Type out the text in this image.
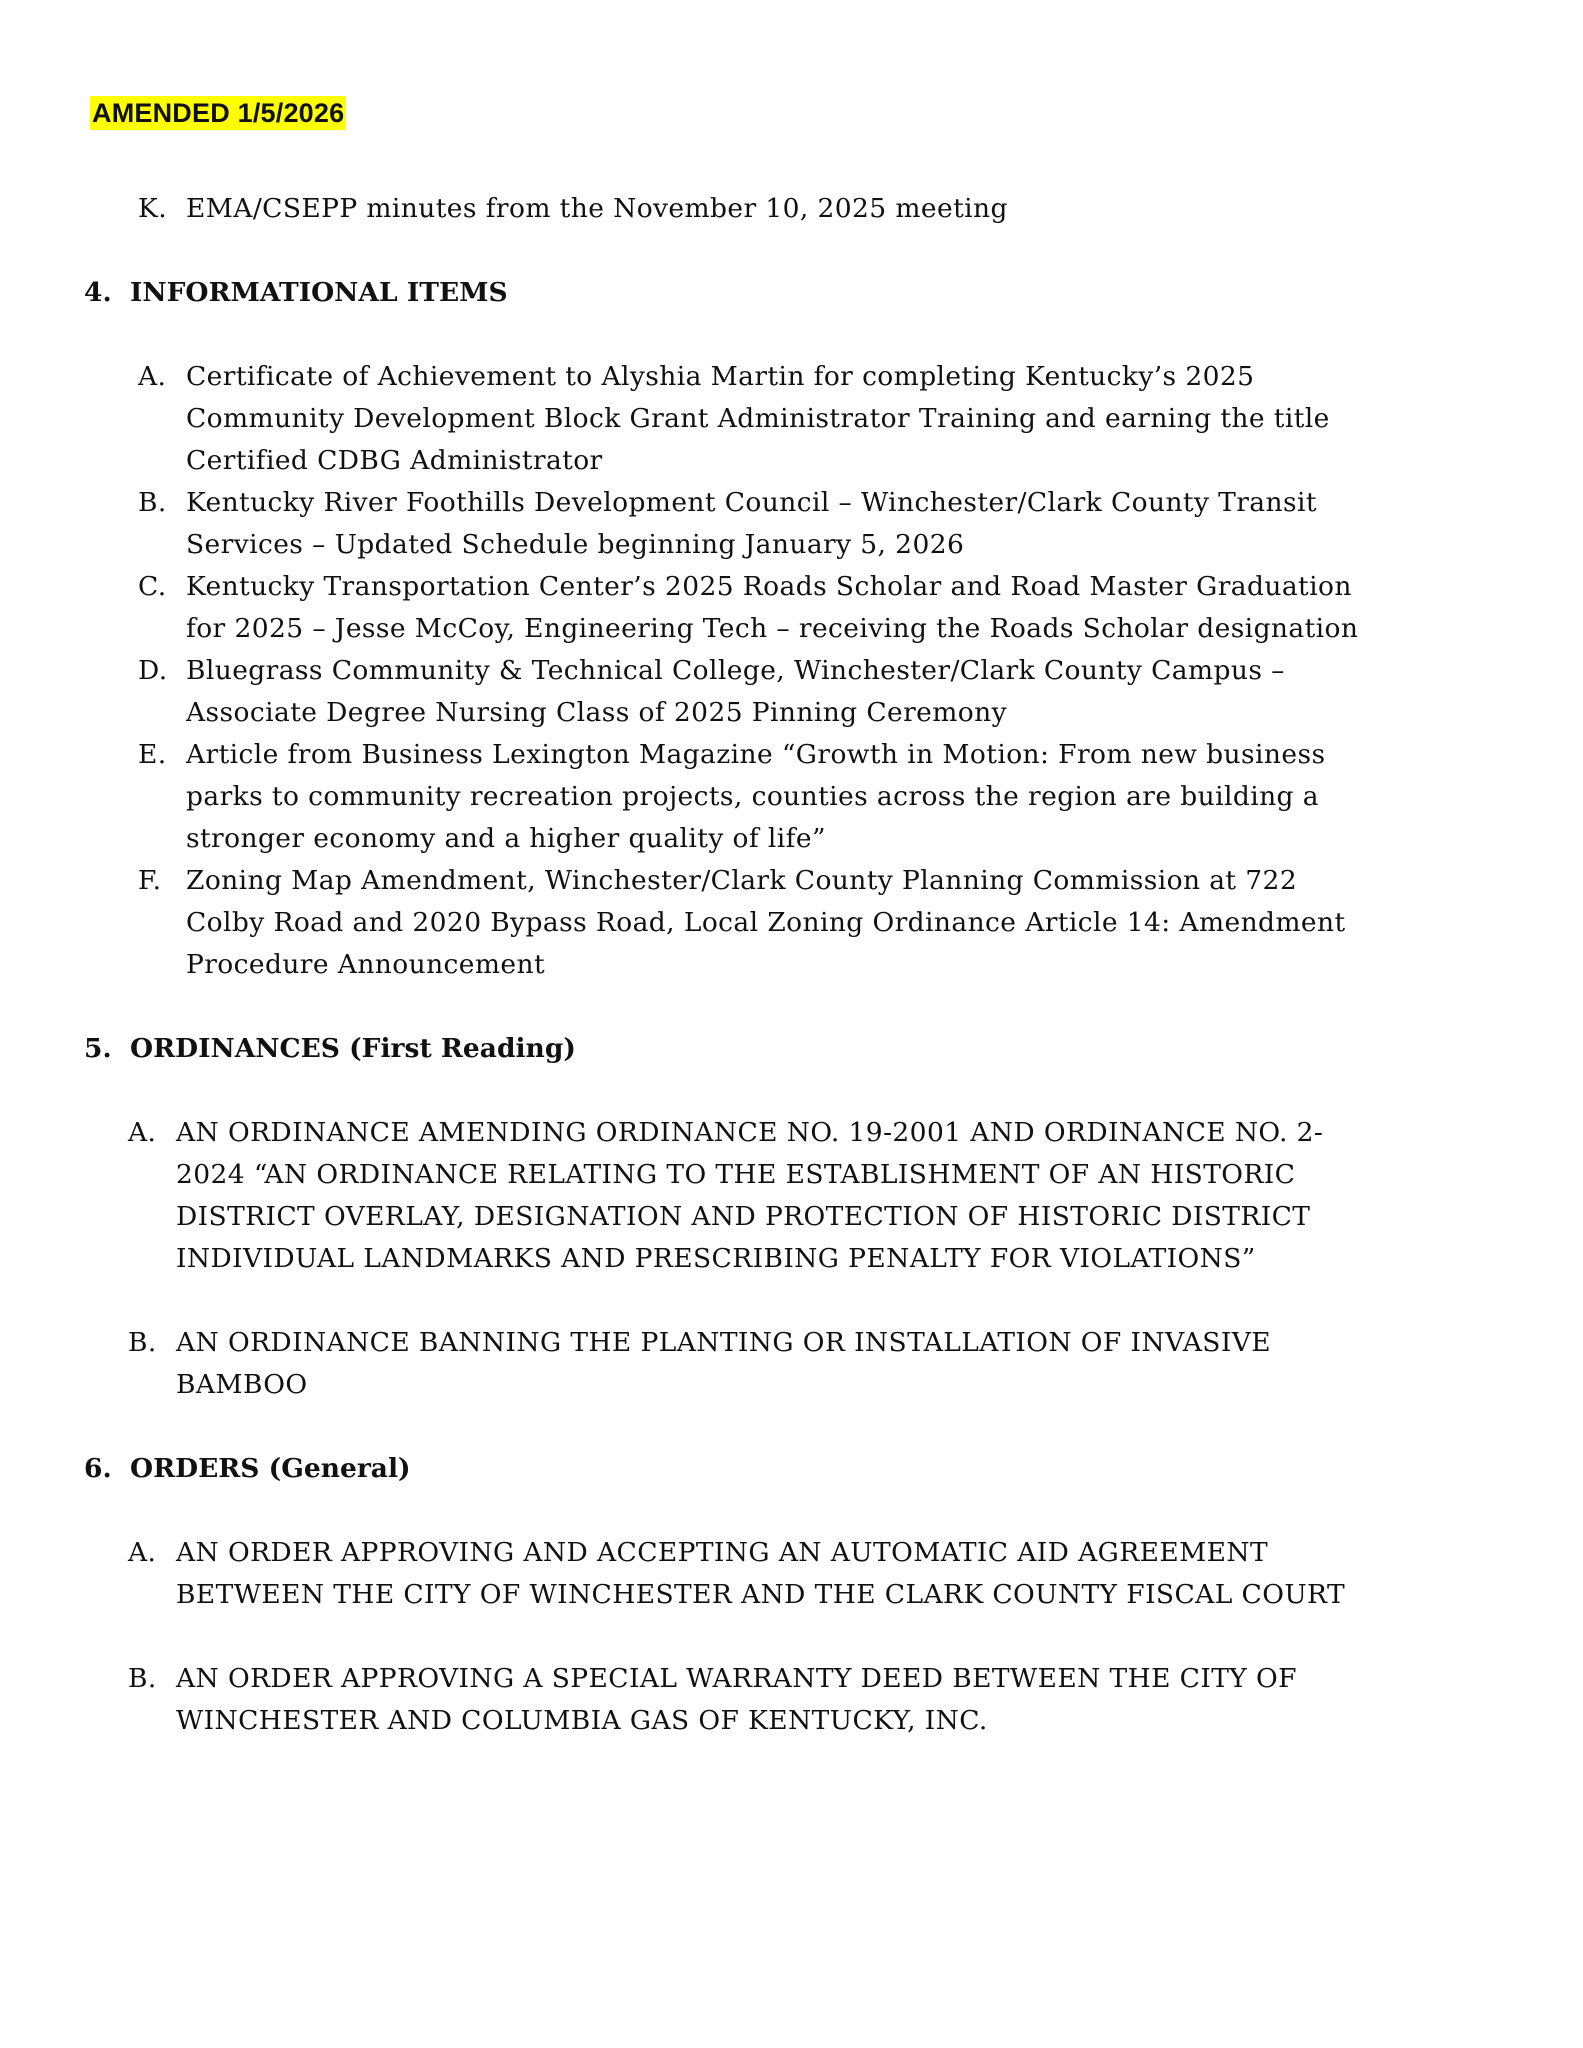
AMENDED 1/5/2026
K. EMA/CSEPP minutes from the November 10, 2025 meeting
4. INFORMATIONAL ITEMS
A. Certificate of Achievement to Alyshia Martin for completing Kentucky’s 2025
Community Development Block Grant Administrator Training and earning the title
Certified CDBG Administrator
B. Kentucky River Foothills Development Council – Winchester/Clark County Transit
Services – Updated Schedule beginning January 5, 2026
C. Kentucky Transportation Center’s 2025 Roads Scholar and Road Master Graduation
for 2025 – Jesse McCoy, Engineering Tech – receiving the Roads Scholar designation
D. Bluegrass Community & Technical College, Winchester/Clark County Campus –
Associate Degree Nursing Class of 2025 Pinning Ceremony
E. Article from Business Lexington Magazine “Growth in Motion: From new business
parks to community recreation projects, counties across the region are building a
stronger economy and a higher quality of life”
F. Zoning Map Amendment, Winchester/Clark County Planning Commission at 722
Colby Road and 2020 Bypass Road, Local Zoning Ordinance Article 14: Amendment
Procedure Announcement
5. ORDINANCES (First Reading)
A. AN ORDINANCE AMENDING ORDINANCE NO. 19-2001 AND ORDINANCE NO. 2-
2024 “AN ORDINANCE RELATING TO THE ESTABLISHMENT OF AN HISTORIC
DISTRICT OVERLAY, DESIGNATION AND PROTECTION OF HISTORIC DISTRICT
INDIVIDUAL LANDMARKS AND PRESCRIBING PENALTY FOR VIOLATIONS”
B. AN ORDINANCE BANNING THE PLANTING OR INSTALLATION OF INVASIVE
BAMBOO
6. ORDERS (General)
A. AN ORDER APPROVING AND ACCEPTING AN AUTOMATIC AID AGREEMENT
BETWEEN THE CITY OF WINCHESTER AND THE CLARK COUNTY FISCAL COURT
B. AN ORDER APPROVING A SPECIAL WARRANTY DEED BETWEEN THE CITY OF
WINCHESTER AND COLUMBIA GAS OF KENTUCKY, INC.
